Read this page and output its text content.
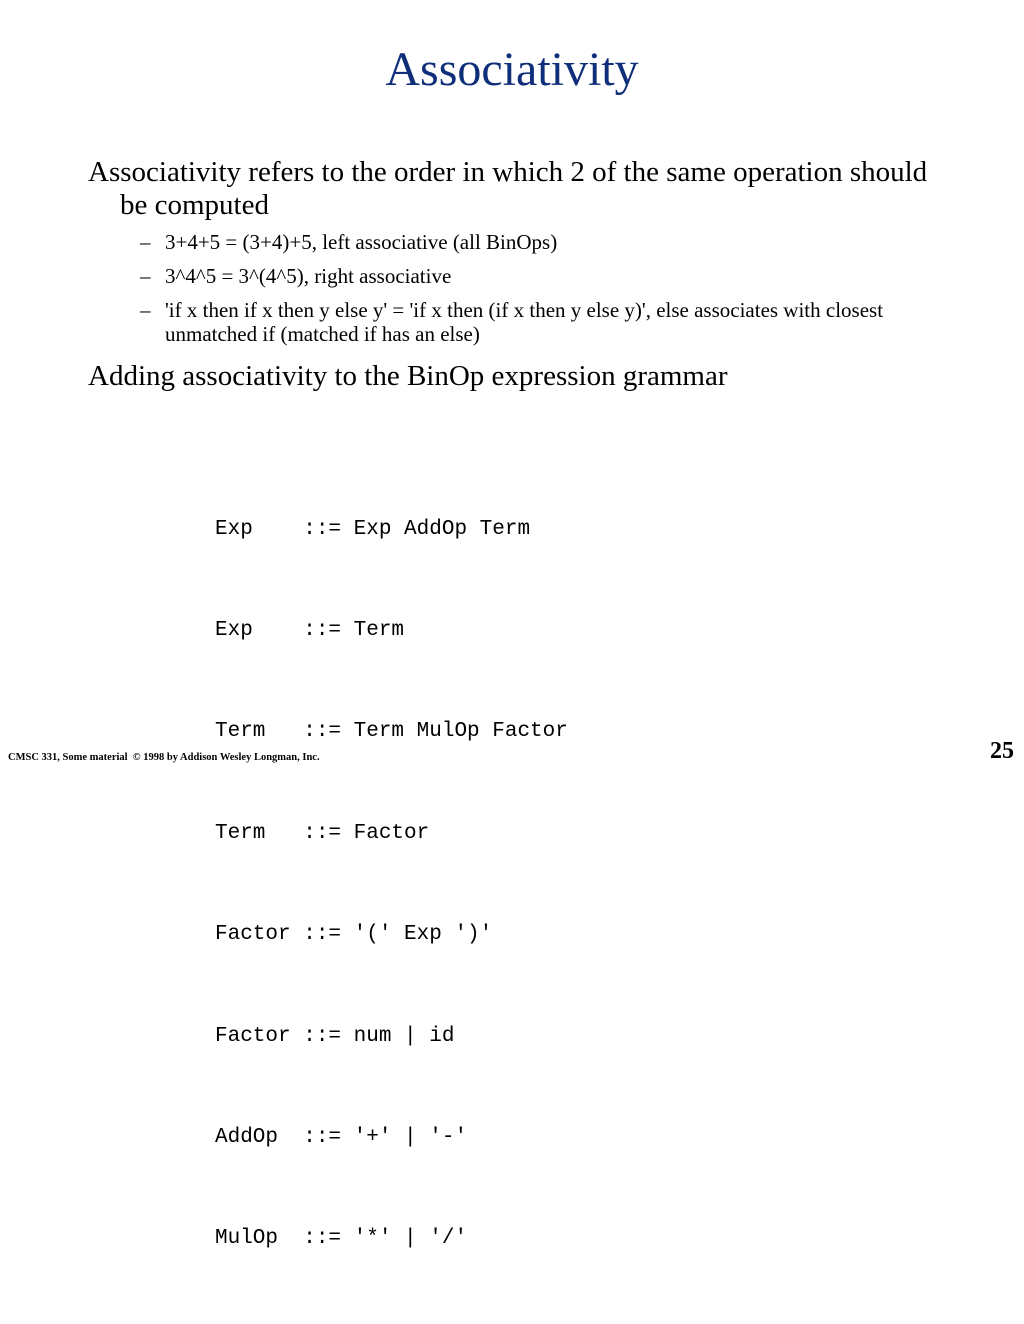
Associativity

Associativity refers to the order in which 2 of the same operation should be computed

– 3+4+5 = (3+4)+5, left associative (all BinOps)
– 3^4^5 = 3^(4^5), right associative
– 'if x then if x then y else y' = 'if x then (if x then y else y)', else associates with closest unmatched if (matched if has an else)

Adding associativity to the BinOp expression grammar

Exp    ::= Exp AddOp Term

Exp    ::= Term

Term   ::= Term MulOp Factor

Term   ::= Factor

Factor ::= '(' Exp ')'

Factor ::= num | id

AddOp  ::= '+' | '-'

MulOp  ::= '*' | '/'

CMSC 331, Some material  © 1998 by Addison Wesley Longman, Inc.	25
